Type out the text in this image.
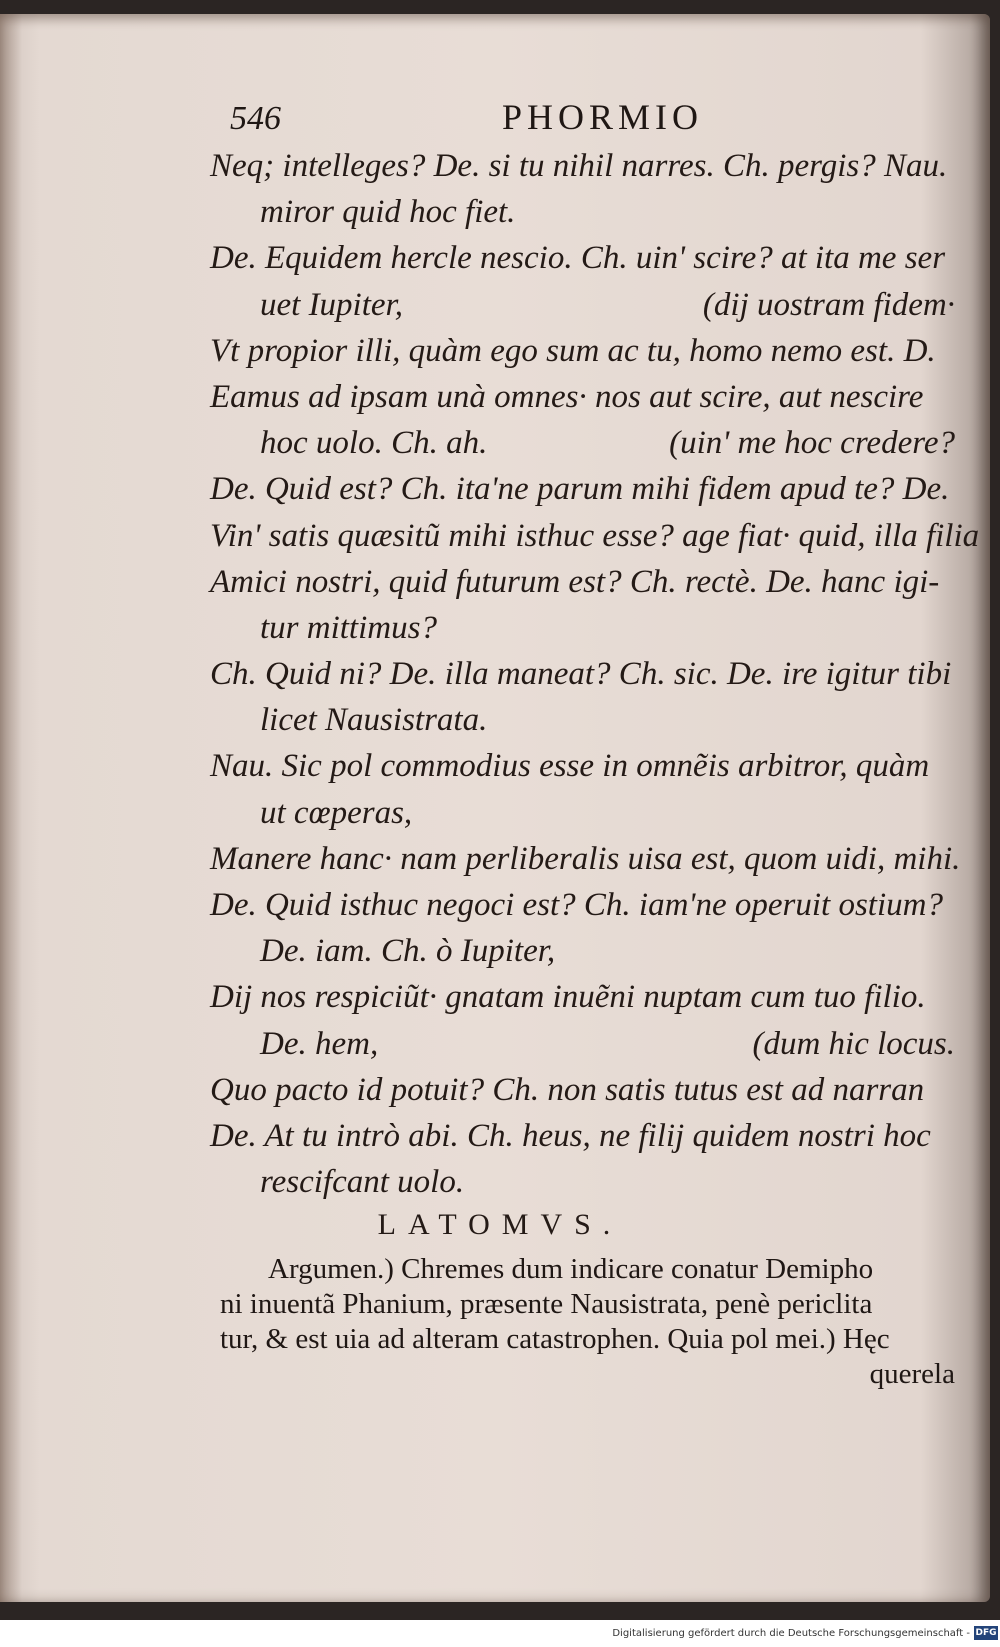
546	PHORMIO
Neq; intelleges? De. si tu nihil narres. Ch. pergis? Nau.
miror quid hoc fiet.
De. Equidem hercle nescio. Ch. uin' scire? at ita me ser
uet Iupiter,	(dij uostram fidem·
Vt propior illi, quàm ego sum ac tu, homo nemo est. D.
Eamus ad ipsam unà omnes· nos aut scire, aut nescire
hoc uolo. Ch. ah.	(uin' me hoc credere?
De. Quid est? Ch. ita'ne parum mihi fidem apud te? De.
Vin' satis quæsitũ mihi isthuc esse? age fiat· quid, illa filia
Amici nostri, quid futurum est? Ch. rectè. De. hanc igi-
tur mittimus?
Ch. Quid ni? De. illa maneat? Ch. sic. De. ire igitur tibi
licet Nausistrata.
Nau. Sic pol commodius esse in omnẽis arbitror, quàm
ut cœperas,
Manere hanc· nam perliberalis uisa est, quom uidi, mihi.
De. Quid isthuc negoci est? Ch. iam'ne operuit ostium?
De. iam. Ch. ò Iupiter,
Dij nos respiciũt· gnatam inuẽni nuptam cum tuo filio.
De. hem,	(dum hic locus.
Quo pacto id potuit? Ch. non satis tutus est ad narran
De. At tu intrò abi. Ch. heus, ne filij quidem nostri hoc
rescifcant uolo.
LATOMVS.
Argumen.) Chremes dum indicare conatur Demipho
ni inuentã Phanium, præsente Nausistrata, penè periclita
tur, & est uia ad alteram catastrophen. Quia pol mei.) Hęc
querela
Digitalisierung gefördert durch die Deutsche Forschungsgemeinschaft - DFG
